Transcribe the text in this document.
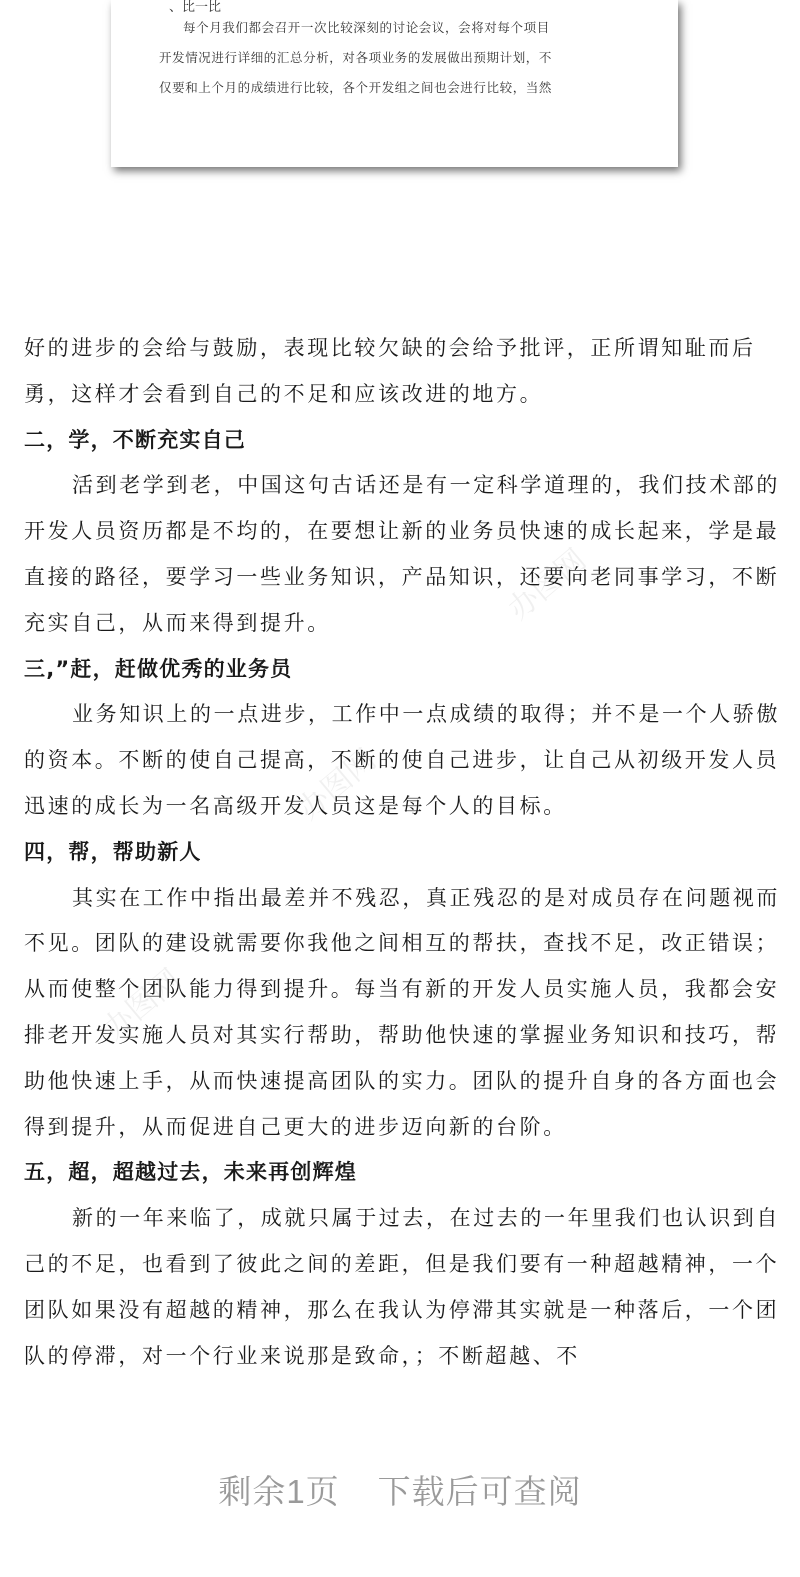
、比一比
每个月我们都会召开一次比较深刻的讨论会议，会将对每个项目
开发情况进行详细的汇总分析，对各项业务的发展做出预期计划，不
仅要和上个月的成绩进行比较，各个开发组之间也会进行比较，当然
办图网
办图网
办图网

好的进步的会给与鼓励，表现比较欠缺的会给予批评，正所谓知耻而后勇，这样才会看到自己的不足和应该改进的地方。

二，学，不断充实自己

活到老学到老，中国这句古话还是有一定科学道理的，我们技术部的开发人员资历都是不均的，在要想让新的业务员快速的成长起来，学是最直接的路径，要学习一些业务知识，产品知识，还要向老同事学习，不断充实自己，从而来得到提升。

三,”赶，赶做优秀的业务员

业务知识上的一点进步，工作中一点成绩的取得；并不是一个人骄傲的资本。不断的使自己提高，不断的使自己进步，让自己从初级开发人员迅速的成长为一名高级开发人员这是每个人的目标。

四，帮，帮助新人

其实在工作中指出最差并不残忍，真正残忍的是对成员存在问题视而不见。团队的建设就需要你我他之间相互的帮扶，查找不足，改正错误；从而使整个团队能力得到提升。每当有新的开发人员实施人员，我都会安排老开发实施人员对其实行帮助，帮助他快速的掌握业务知识和技巧，帮助他快速上手，从而快速提高团队的实力。团队的提升自身的各方面也会得到提升，从而促进自己更大的进步迈向新的台阶。

五，超，超越过去，未来再创辉煌

新的一年来临了，成就只属于过去，在过去的一年里我们也认识到自己的不足，也看到了彼此之间的差距，但是我们要有一种超越精神，一个团队如果没有超越的精神，那么在我认为停滞其实就是一种落后，一个团队的停滞，对一个行业来说那是致命，；不断超越、不

剩余1页 下载后可查阅
